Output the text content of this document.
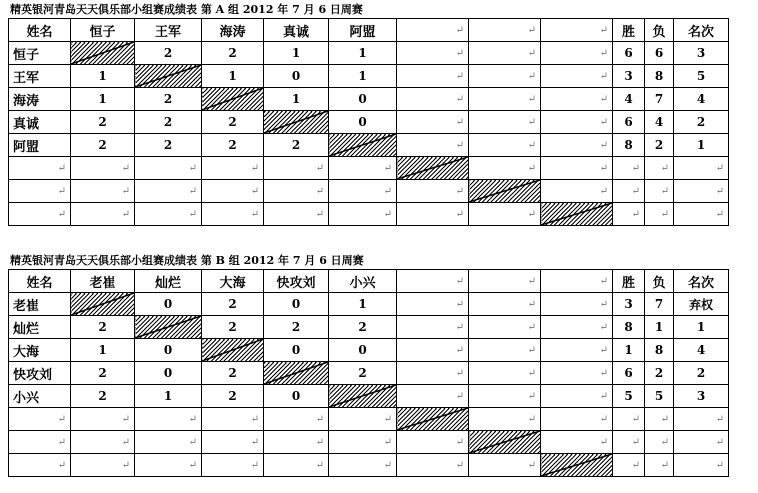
精英银河青岛天天俱乐部小组赛成绩表 第 A 组 2012 年 7 月 6 日周赛
姓名	恒子	王军	海涛	真诚	阿盟	↵	↵	↵	胜	负	名次
恒子		2	2	1	1	↵	↵	↵	6	6	3
王军	1		1	0	1	↵	↵	↵	3	8	5
海涛	1	2		1	0	↵	↵	↵	4	7	4
真诚	2	2	2		0	↵	↵	↵	6	4	2
阿盟	2	2	2	2		↵	↵	↵	8	2	1
↵	↵	↵	↵	↵	↵		↵	↵	↵	↵	↵
↵	↵	↵	↵	↵	↵	↵		↵	↵	↵	↵
↵	↵	↵	↵	↵	↵	↵	↵		↵	↵	↵
精英银河青岛天天俱乐部小组赛成绩表 第 B 组 2012 年 7 月 6 日周赛
姓名	老崔	灿烂	大海	快攻刘	小兴	↵	↵	↵	胜	负	名次
老崔		0	2	0	1	↵	↵	↵	3	7	弃权
灿烂	2		2	2	2	↵	↵	↵	8	1	1
大海	1	0		0	0	↵	↵	↵	1	8	4
快攻刘	2	0	2		2	↵	↵	↵	6	2	2
小兴	2	1	2	0		↵	↵	↵	5	5	3
↵	↵	↵	↵	↵	↵		↵	↵	↵	↵	↵
↵	↵	↵	↵	↵	↵	↵		↵	↵	↵	↵
↵	↵	↵	↵	↵	↵	↵	↵		↵	↵	↵
